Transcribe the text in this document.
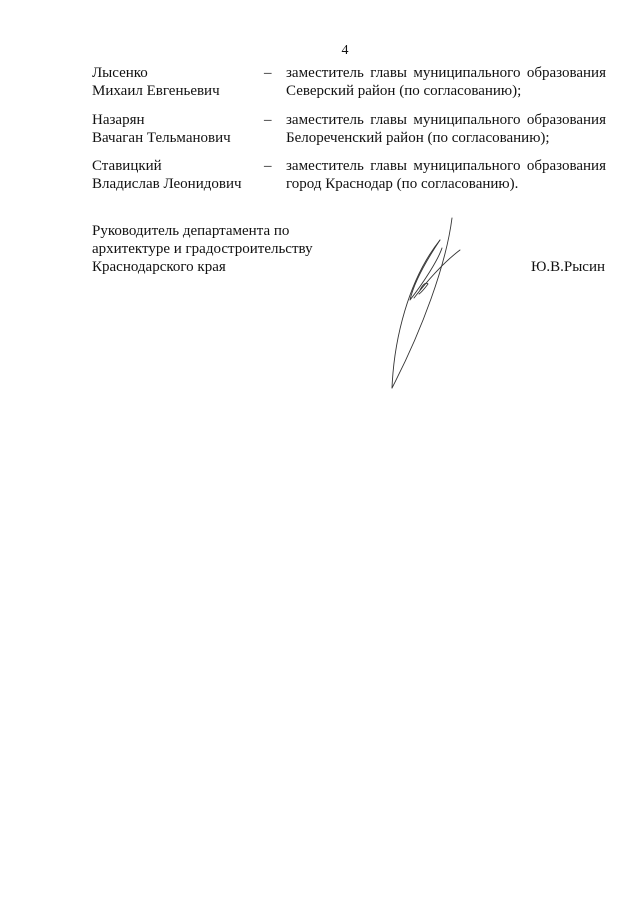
4
Лысенко
Михаил Евгеньевич
– заместитель главы муниципального образования
Северский район (по согласованию);
Назарян
Вачаган Тельманович
– заместитель главы муниципального образования
Белореченский район (по согласованию);
Ставицкий
Владислав Леонидович
– заместитель главы муниципального образования
город Краснодар (по согласованию).
Руководитель департамента по
архитектуре и градостроительству
Краснодарского края	Ю.В.Рысин
